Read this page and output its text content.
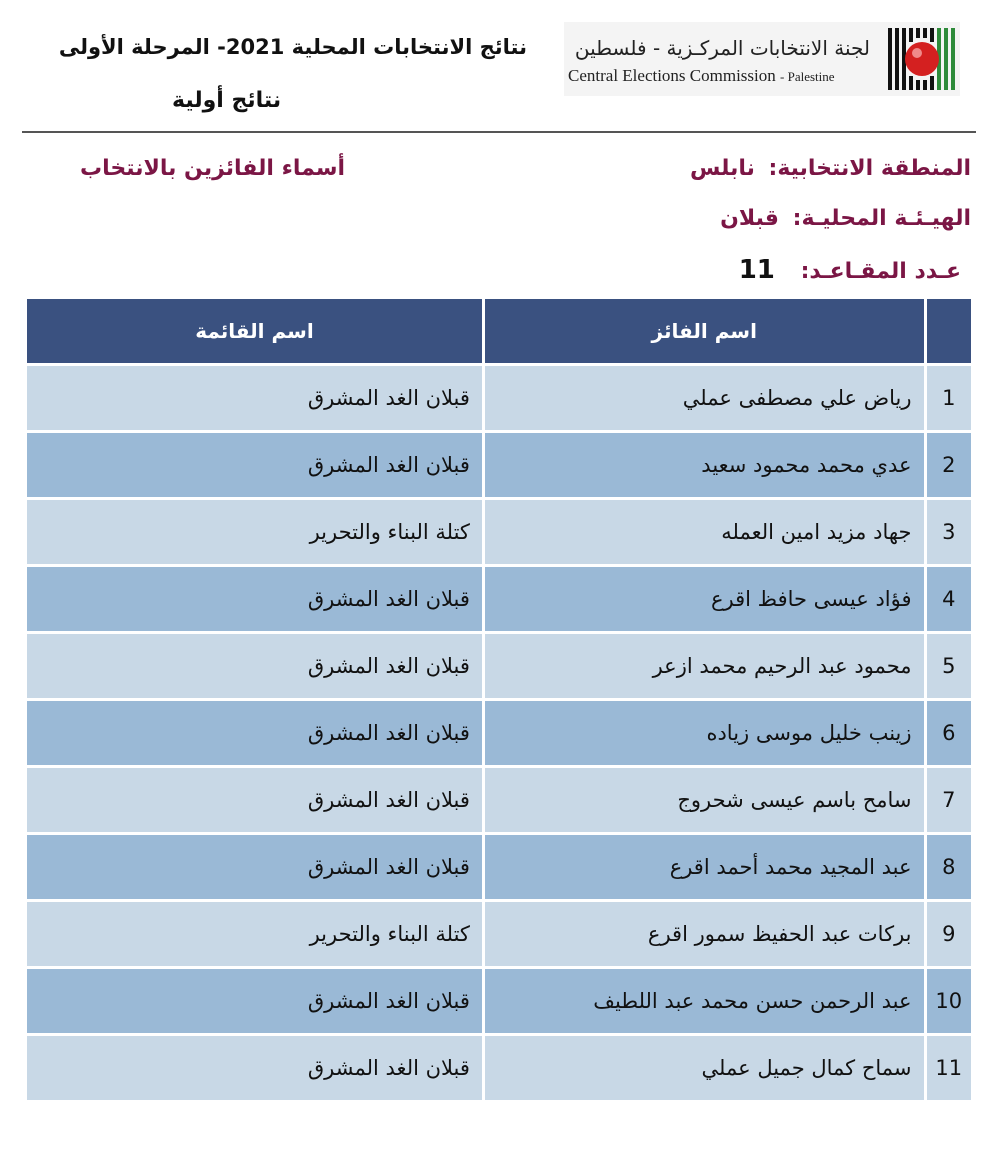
لجنة الانتخابات المركـزية - فلسطين
Central Elections Commission - Palestine
نتائج الانتخابات المحلية 2021- المرحلة الأولى
نتائج أولية
المنطقة الانتخابية: نابلس
أسماء الفائزين بالانتخاب
الهيـئـة المحليـة: قبلان
عـدد المقـاعـد: 11
	اسم الفائز	اسم القائمة
1	رياض علي مصطفى عملي	قبلان الغد المشرق
2	عدي محمد محمود سعيد	قبلان الغد المشرق
3	جهاد مزيد امين العمله	كتلة البناء والتحرير
4	فؤاد عيسى حافظ اقرع	قبلان الغد المشرق
5	محمود عبد الرحيم محمد ازعر	قبلان الغد المشرق
6	زينب خليل موسى زياده	قبلان الغد المشرق
7	سامح باسم عيسى شحروج	قبلان الغد المشرق
8	عبد المجيد محمد أحمد اقرع	قبلان الغد المشرق
9	بركات عبد الحفيظ سمور اقرع	كتلة البناء والتحرير
10	عبد الرحمن حسن محمد عبد اللطيف	قبلان الغد المشرق
11	سماح كمال جميل عملي	قبلان الغد المشرق
